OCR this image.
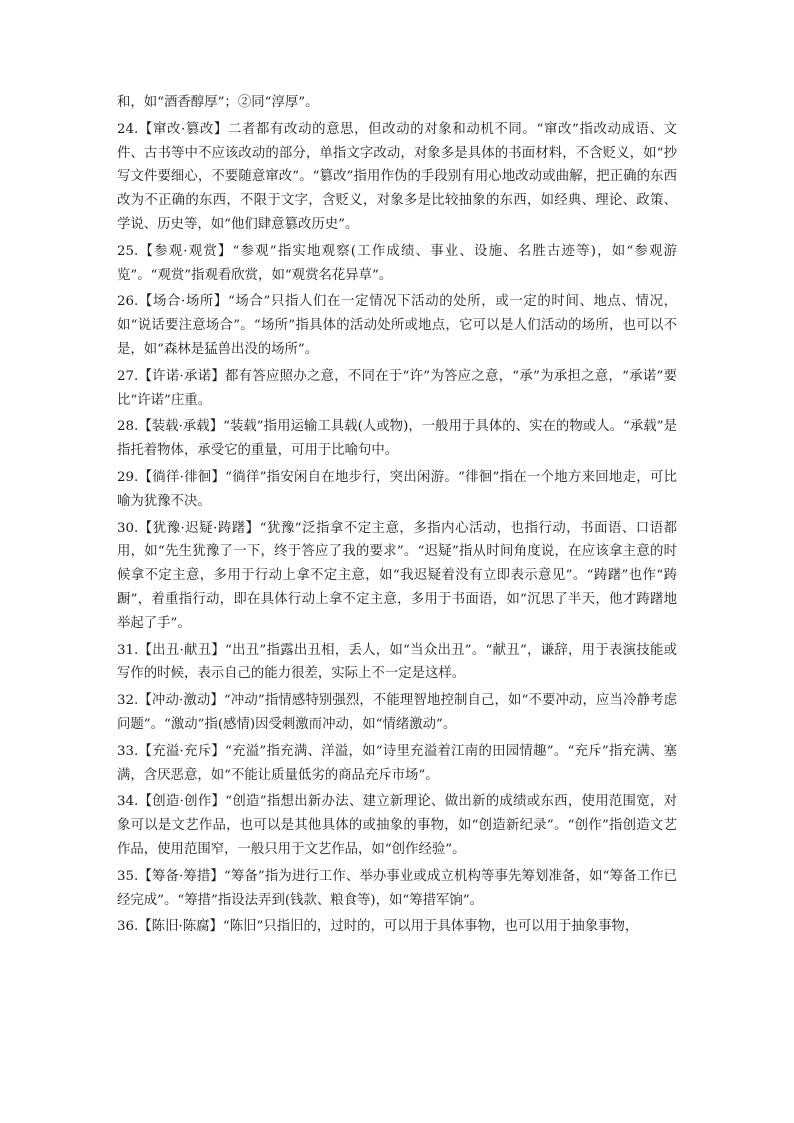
和，如“酒香醇厚”；②同“淳厚”。

24.【窜改·篡改】二者都有改动的意思，但改动的对象和动机不同。“窜改”指改动成语、文件、古书等中不应该改动的部分，单指文字改动，对象多是具体的书面材料，不含贬义，如“抄写文件要细心，不要随意窜改”。“篡改”指用作伪的手段别有用心地改动或曲解，把正确的东西改为不正确的东西，不限于文字，含贬义，对象多是比较抽象的东西，如经典、理论、政策、学说、历史等，如“他们肆意篡改历史”。

25.【参观·观赏】“参观”指实地观察(工作成绩、事业、设施、名胜古迹等)，如“参观游览”。“观赏”指观看欣赏，如“观赏名花异草”。

26.【场合·场所】“场合”只指人们在一定情况下活动的处所，或一定的时间、地点、情况，如“说话要注意场合”。“场所”指具体的活动处所或地点，它可以是人们活动的场所，也可以不是，如“森林是猛兽出没的场所”。

27.【许诺·承诺】都有答应照办之意，不同在于“许”为答应之意，“承”为承担之意，“承诺”要比“许诺”庄重。

28.【装载·承载】“装载”指用运输工具载(人或物)，一般用于具体的、实在的物或人。“承载”是指托着物体，承受它的重量，可用于比喻句中。

29.【徜徉·徘徊】“徜徉”指安闲自在地步行，突出闲游。“徘徊”指在一个地方来回地走，可比喻为犹豫不决。

30.【犹豫·迟疑·踌躇】“犹豫”泛指拿不定主意，多指内心活动，也指行动，书面语、口语都用，如“先生犹豫了一下，终于答应了我的要求”。“迟疑”指从时间角度说，在应该拿主意的时候拿不定主意，多用于行动上拿不定主意，如“我迟疑着没有立即表示意见”。“踌躇”也作“踌蹰”，着重指行动，即在具体行动上拿不定主意，多用于书面语，如“沉思了半天，他才踌躇地举起了手”。

31.【出丑·献丑】“出丑”指露出丑相，丢人，如“当众出丑”。“献丑”，谦辞，用于表演技能或写作的时候，表示自己的能力很差，实际上不一定是这样。

32.【冲动·激动】“冲动”指情感特别强烈，不能理智地控制自己，如“不要冲动，应当冷静考虑问题”。“激动”指(感情)因受刺激而冲动，如“情绪激动”。

33.【充溢·充斥】“充溢”指充满、洋溢，如“诗里充溢着江南的田园情趣”。“充斥”指充满、塞满，含厌恶意，如“不能让质量低劣的商品充斥市场”。

34.【创造·创作】“创造”指想出新办法、建立新理论、做出新的成绩或东西，使用范围宽，对象可以是文艺作品，也可以是其他具体的或抽象的事物，如“创造新纪录”。“创作”指创造文艺作品，使用范围窄，一般只用于文艺作品，如“创作经验”。

35.【筹备·筹措】“筹备”指为进行工作、举办事业或成立机构等事先筹划准备，如“筹备工作已经完成”。“筹措”指设法弄到(钱款、粮食等)，如“筹措军饷”。

36.【陈旧·陈腐】“陈旧”只指旧的，过时的，可以用于具体事物，也可以用于抽象事物，
